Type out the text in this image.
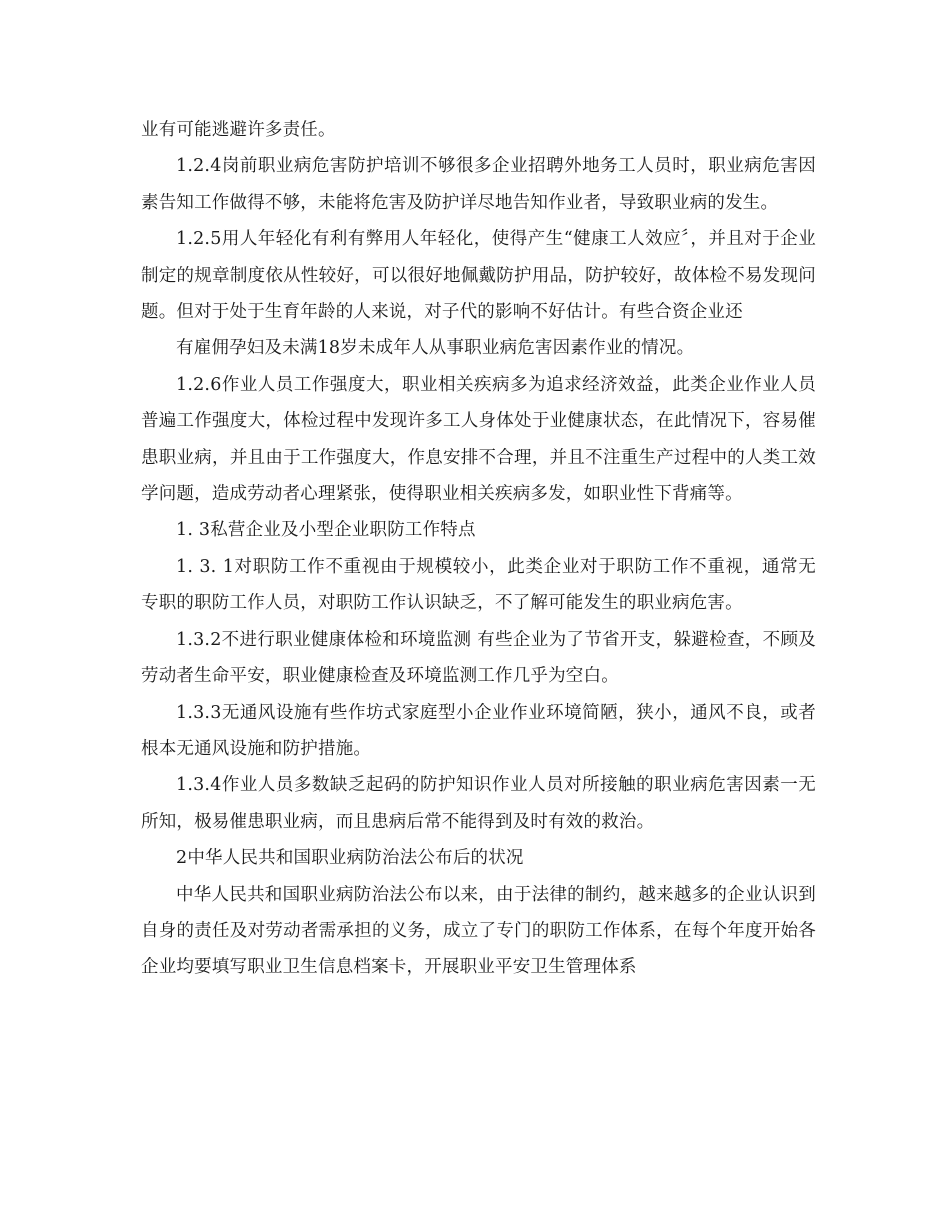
业有可能逃避许多责任。

1.2.4岗前职业病危害防护培训不够很多企业招聘外地务工人员时，职业病危害因素告知工作做得不够，未能将危害及防护详尽地告知作业者，导致职业病的发生。

1.2.5用人年轻化有利有弊用人年轻化，使得产生“健康工人效应〞，并且对于企业制定的规章制度依从性较好，可以很好地佩戴防护用品，防护较好，故体检不易发现问题。但对于处于生育年龄的人来说，对子代的影响不好估计。有些合资企业还

有雇佣孕妇及未满18岁未成年人从事职业病危害因素作业的情况。

1.2.6作业人员工作强度大，职业相关疾病多为追求经济效益，此类企业作业人员普遍工作强度大，体检过程中发现许多工人身体处于业健康状态，在此情况下，容易催患职业病，并且由于工作强度大，作息安排不合理，并且不注重生产过程中的人类工效学问题，造成劳动者心理紧张，使得职业相关疾病多发，如职业性下背痛等。

1. 3私营企业及小型企业职防工作特点

1. 3. 1对职防工作不重视由于规模较小，此类企业对于职防工作不重视，通常无专职的职防工作人员，对职防工作认识缺乏，不了解可能发生的职业病危害。

1.3.2不进行职业健康体检和环境监测 有些企业为了节省开支，躲避检查，不顾及劳动者生命平安，职业健康检查及环境监测工作几乎为空白。

1.3.3无通风设施有些作坊式家庭型小企业作业环境简陋，狭小，通风不良，或者根本无通风设施和防护措施。

1.3.4作业人员多数缺乏起码的防护知识作业人员对所接触的职业病危害因素一无所知，极易催患职业病，而且患病后常不能得到及时有效的救治。

2中华人民共和国职业病防治法公布后的状况

中华人民共和国职业病防治法公布以来，由于法律的制约，越来越多的企业认识到自身的责任及对劳动者需承担的义务，成立了专门的职防工作体系，在每个年度开始各企业均要填写职业卫生信息档案卡，开展职业平安卫生管理体系
